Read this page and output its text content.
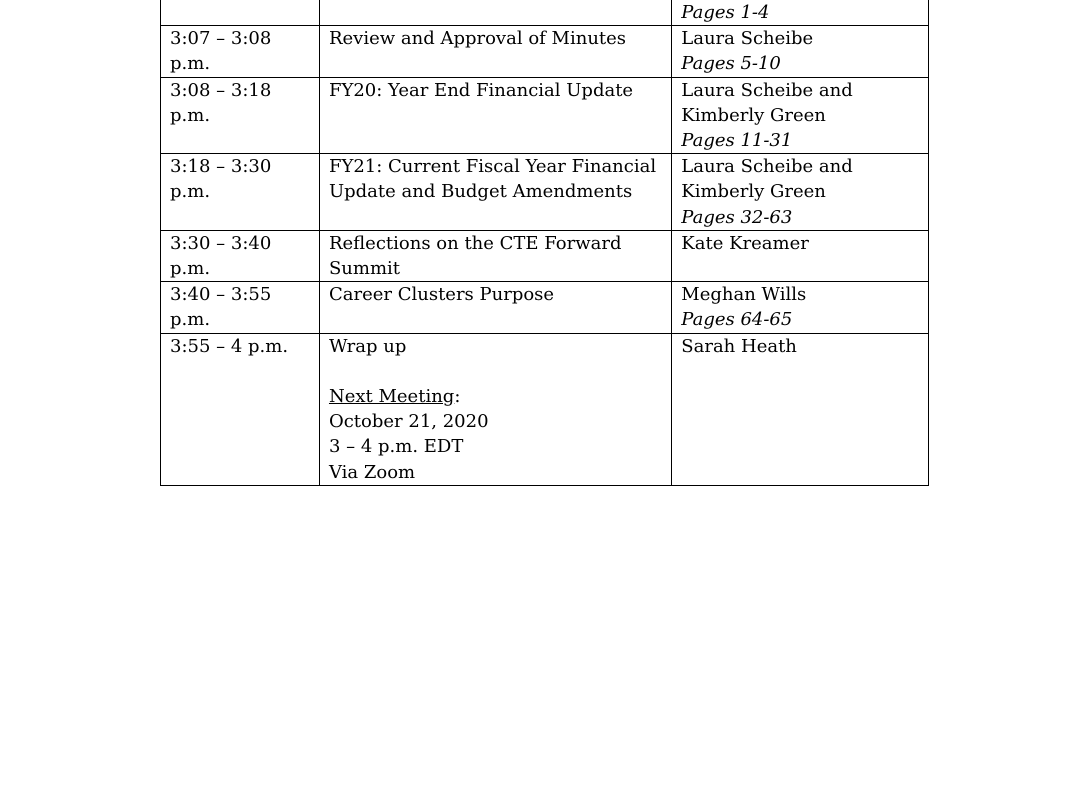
		Pages 1-4

3:07 – 3:08 p.m.	Review and Approval of Minutes	Laura Scheibe
Pages 5-10

3:08 – 3:18 p.m.	FY20: Year End Financial Update	Laura Scheibe and
Kimberly Green
Pages 11-31

3:18 – 3:30 p.m.	FY21: Current Fiscal Year Financial
Update and Budget Amendments	Laura Scheibe and
Kimberly Green
Pages 32-63

3:30 – 3:40 p.m.	Reflections on the CTE Forward
Summit	Kate Kreamer

3:40 – 3:55 p.m.	Career Clusters Purpose	Meghan Wills
Pages 64-65

3:55 – 4 p.m.	Wrap up
Next Meeting:
October 21, 2020
3 – 4 p.m. EDT
Via Zoom	Sarah Heath
